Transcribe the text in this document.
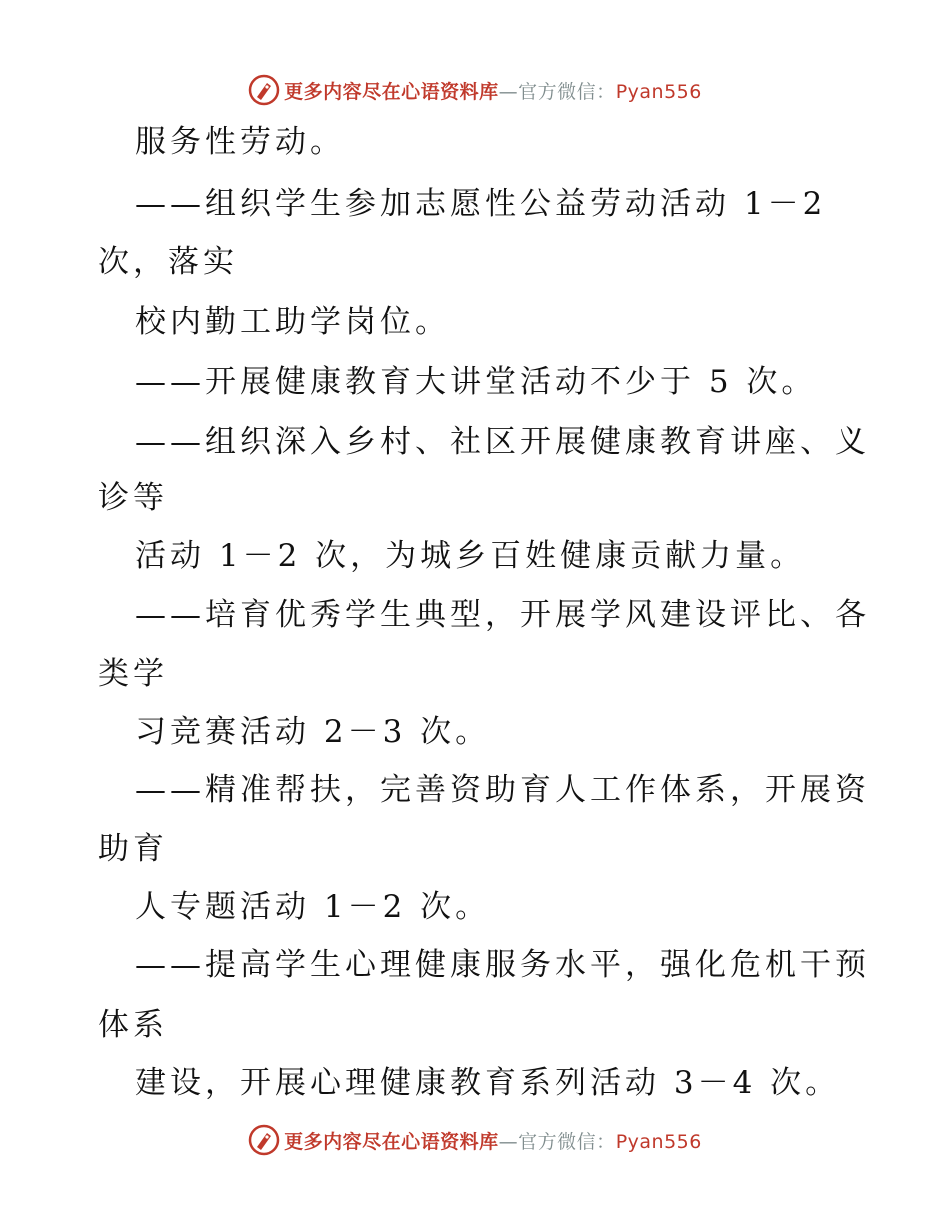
更多内容尽在心语资料库—官方微信：Pyan556
服务性劳动。
——组织学生参加志愿性公益劳动活动 1－2
次，落实
校内勤工助学岗位。
——开展健康教育大讲堂活动不少于 5 次。
——组织深入乡村、社区开展健康教育讲座、义
诊等
活动 1－2 次，为城乡百姓健康贡献力量。
——培育优秀学生典型，开展学风建设评比、各
类学
习竞赛活动 2－3 次。
——精准帮扶，完善资助育人工作体系，开展资
助育
人专题活动 1－2 次。
——提高学生心理健康服务水平，强化危机干预
体系
建设，开展心理健康教育系列活动 3－4 次。
更多内容尽在心语资料库—官方微信：Pyan556
